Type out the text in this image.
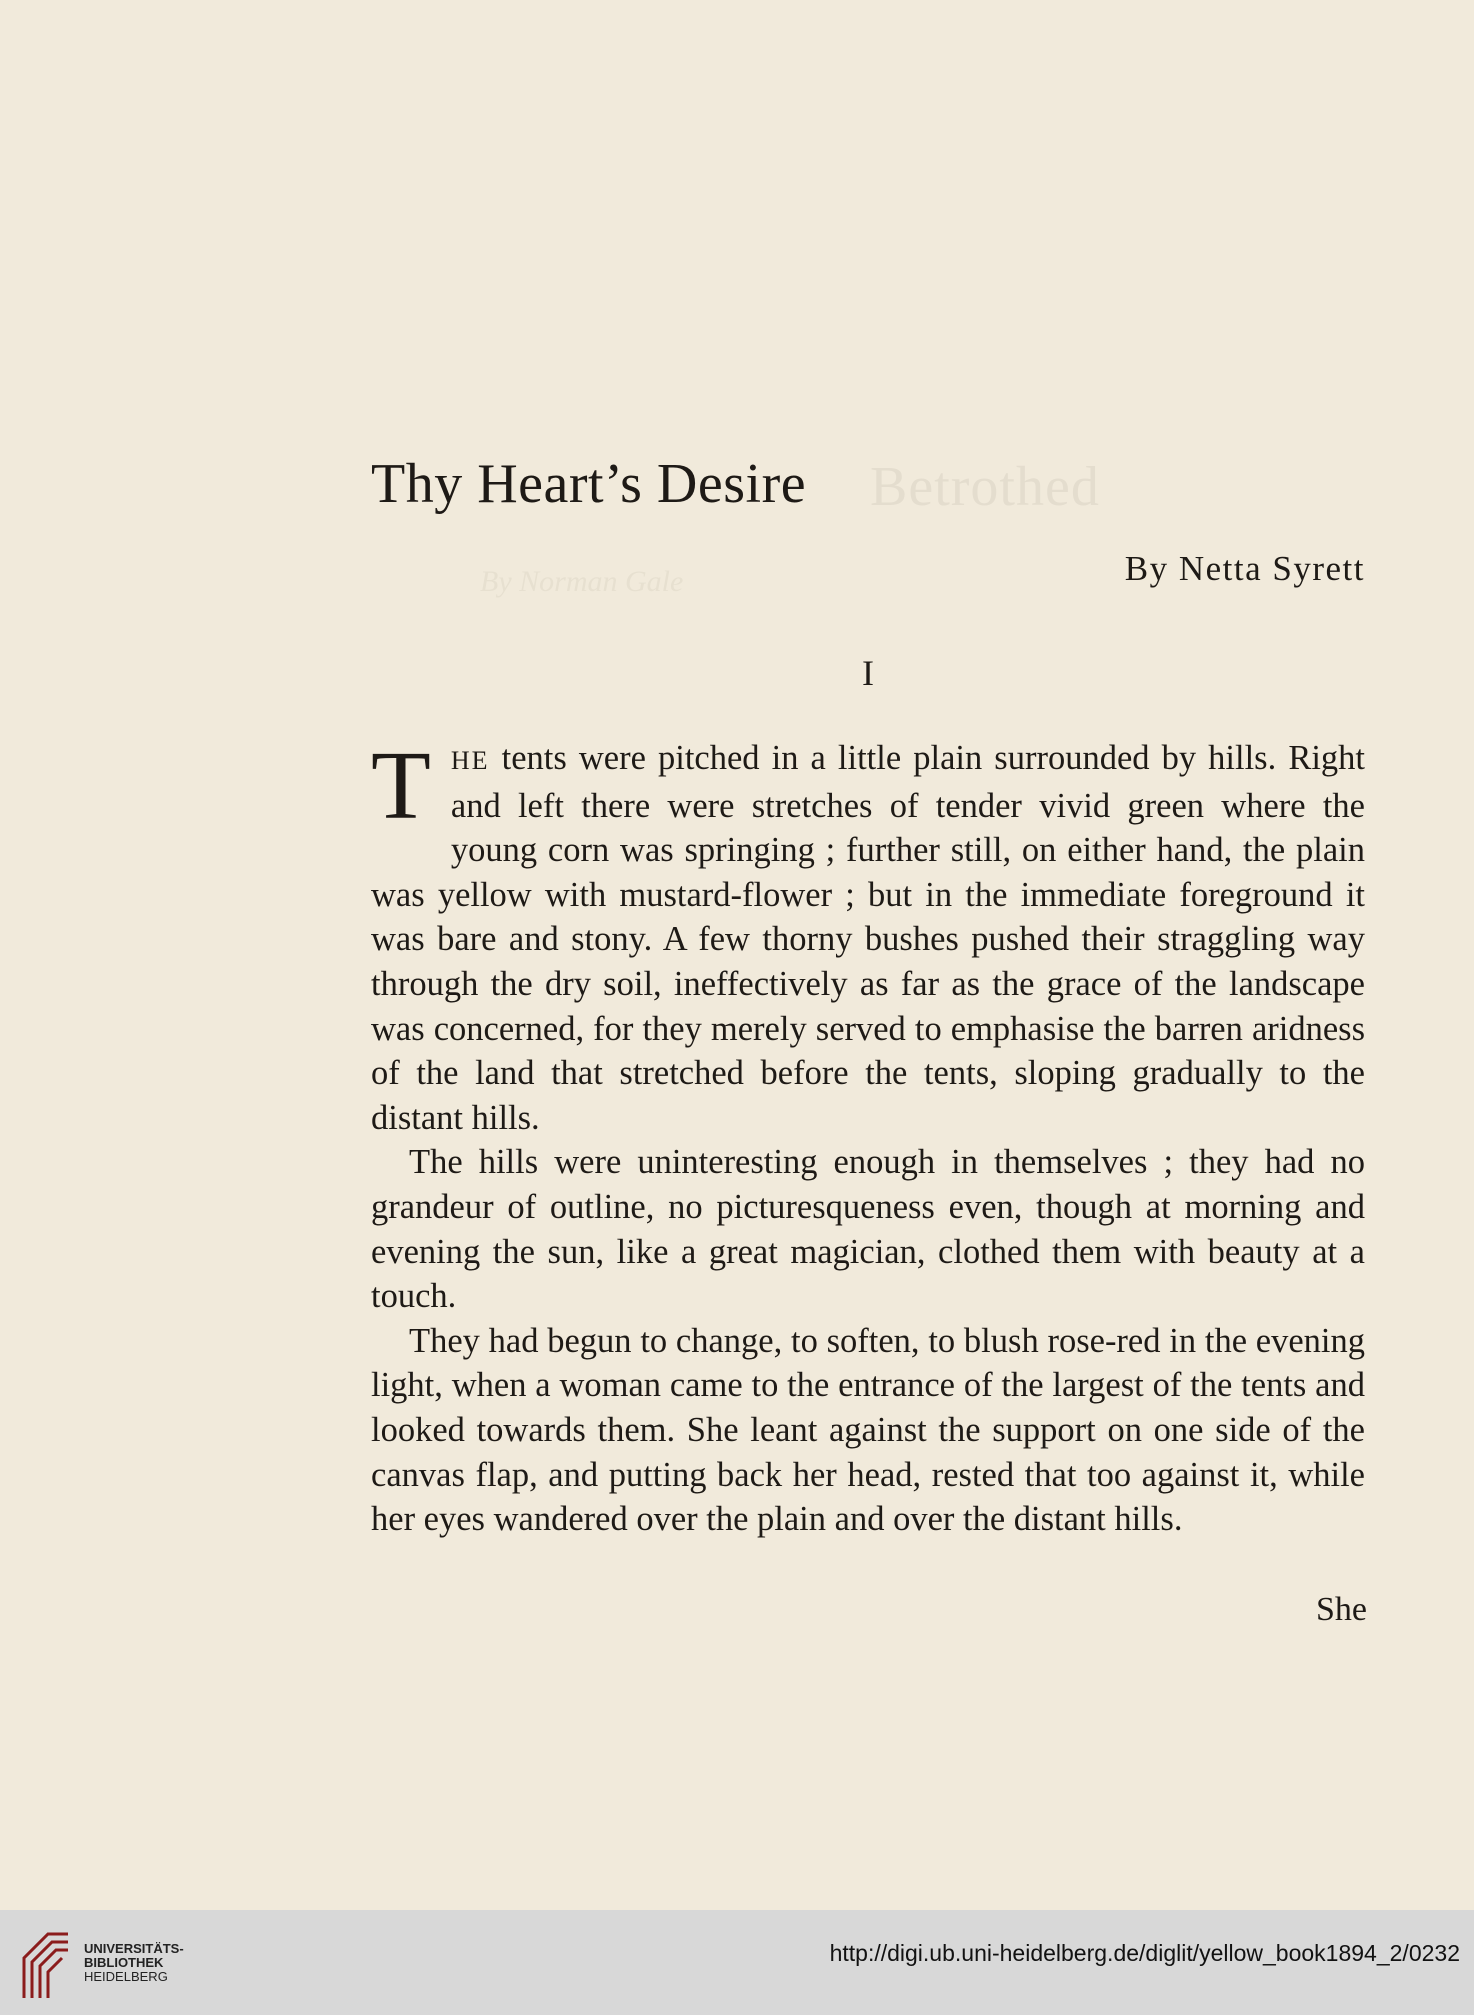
Betrothed
By Norman Gale
Thy Heart’s Desire
By Netta Syrett
I

THE tents were pitched in a little plain surrounded by hills. Right and left there were stretches of tender vivid green where the young corn was springing ; further still, on either hand, the plain was yellow with mustard-flower ; but in the immediate foreground it was bare and stony. A few thorny bushes pushed their straggling way through the dry soil, ineffectively as far as the grace of the landscape was concerned, for they merely served to emphasise the barren aridness of the land that stretched before the tents, sloping gradually to the distant hills.

The hills were uninteresting enough in themselves ; they had no grandeur of outline, no picturesqueness even, though at morning and evening the sun, like a great magician, clothed them with beauty at a touch.

They had begun to change, to soften, to blush rose-red in the evening light, when a woman came to the entrance of the largest of the tents and looked towards them. She leant against the support on one side of the canvas flap, and putting back her head, rested that too against it, while her eyes wandered over the plain and over the distant hills.

She
UNIVERSITÄTS-
BIBLIOTHEK
HEIDELBERG
http://digi.ub.uni-heidelberg.de/diglit/yellow_book1894_2/0232
